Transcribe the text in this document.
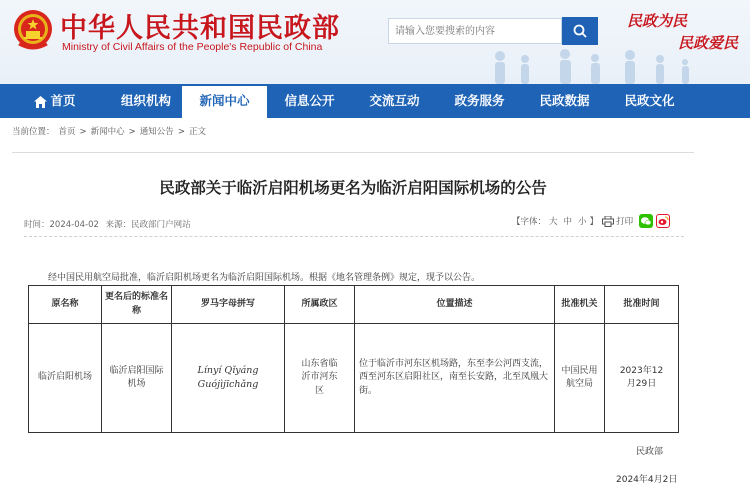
中华人民共和国民政部
Ministry of Civil Affairs of the People's Republic of China
请输入您要搜索的内容
民政为民
民政爱民
首页	组织机构	新闻中心	信息公开	交流互动	政务服务	民政数据	民政文化
当前位置： 首页 > 新闻中心 > 通知公告 > 正文
民政部关于临沂启阳机场更名为临沂启阳国际机场的公告
时间：2024-04-02 来源：民政部门户网站	【字体： 大 中 小 】 打印
经中国民用航空局批准，临沂启阳机场更名为临沂启阳国际机场。根据《地名管理条例》规定，现予以公告。
原名称	更名后的标准名称	罗马字母拼写	所属政区	位置描述	批准机关	批准时间
临沂启阳机场	临沂启阳国际机场	Línyí Qǐyáng Guójìjīchǎng	山东省临沂市河东区	位于临沂市河东区机场路，东至李公河西支流，西至河东区启阳社区，南至长安路，北至凤凰大街。	中国民用航空局	2023年12月29日
民政部
2024年4月2日
